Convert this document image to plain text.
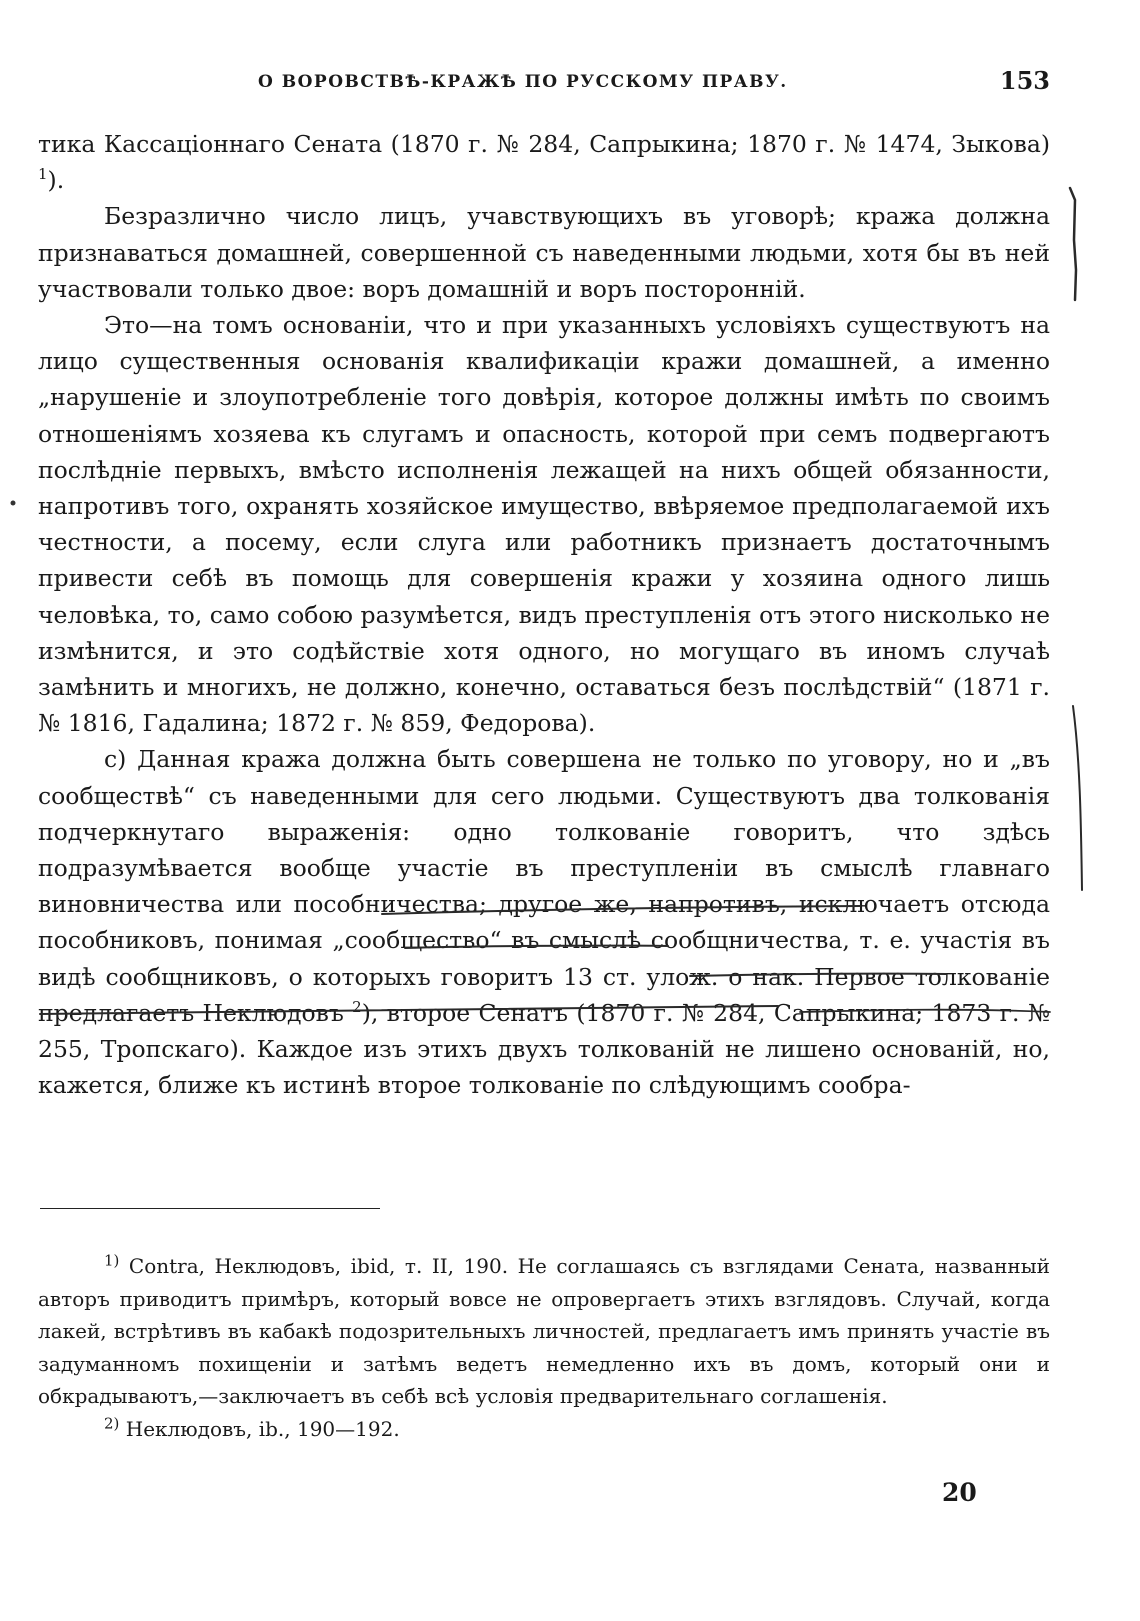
О ВОРОВСТВѢ-КРАЖѢ ПО РУССКОМУ ПРАВУ.	153

тика Кассаціоннаго Сената (1870 г. № 284, Сапрыкина; 1870 г. № 1474, Зыкова) $^1$).

Безразлично число лицъ, учавствующихъ въ уговорѣ; кража должна признаваться домашней, совершенной съ наведенными людьми, хотя бы въ ней участвовали только двое: воръ домашній и воръ посторонній.

Это—на томъ основаніи, что и при указанныхъ условіяхъ существуютъ на лицо существенныя основанія квалификаціи кражи домашней, а именно „нарушеніе и злоупотребленіе того довѣрія, которое должны имѣть по своимъ отношеніямъ хозяева къ слугамъ и опасность, которой при семъ подвергаютъ послѣдніе первыхъ, вмѣсто исполненія лежащей на нихъ общей обязанности, напротивъ того, охранять хозяйское имущество, ввѣряемое предполагаемой ихъ честности, а посему, если слуга или работникъ признаетъ достаточнымъ привести себѣ въ помощь для совершенія кражи у хозяина одного лишь человѣка, то, само собою разумѣется, видъ преступленія отъ этого нисколько не измѣнится, и это содѣйствіе хотя одного, но могущаго въ иномъ случаѣ замѣнить и многихъ, не должно, конечно, оставаться безъ послѣдствій“ (1871 г. № 1816, Гадалина; 1872 г. № 859, Федорова).

c) Данная кража должна быть совершена не только по уговору, но и „въ сообществѣ“ съ наведенными для сего людьми. Существуютъ два толкованія подчеркнутаго выраженія: одно толкованіе говоритъ, что здѣсь подразумѣвается вообще участіе въ преступленіи въ смыслѣ главнаго виновничества или пособничества; другое же, напротивъ, исключаетъ отсюда пособниковъ, понимая „сообщество“ въ смыслѣ сообщничества, т. е. участія въ видѣ сообщниковъ, о которыхъ говоритъ 13 ст. улож. о нак. Первое толкованіе предлагаетъ Неклюдовъ $^2$), второе Сенатъ (1870 г. № 284, Сапрыкина; 1873 г. № 255, Тропскаго). Каждое изъ этихъ двухъ толкованій не лишено основаній, но, кажется, ближе къ истинѣ второе толкованіе по слѣдующимъ сообра-

$^{1)}$ Contra, Неклюдовъ, ibid, т. II, 190. Не соглашаясь съ взглядами Сената, названный авторъ приводитъ примѣръ, который вовсе не опровергаетъ этихъ взглядовъ. Случай, когда лакей, встрѣтивъ въ кабакѣ подозрительныхъ личностей, предлагаетъ имъ принять участіе въ задуманномъ похищеніи и затѣмъ ведетъ немедленно ихъ въ домъ, который они и обкрадываютъ,—заключаетъ въ себѣ всѣ условія предварительнаго соглашенія.

$^{2)}$ Неклюдовъ, ib., 190—192.

20
